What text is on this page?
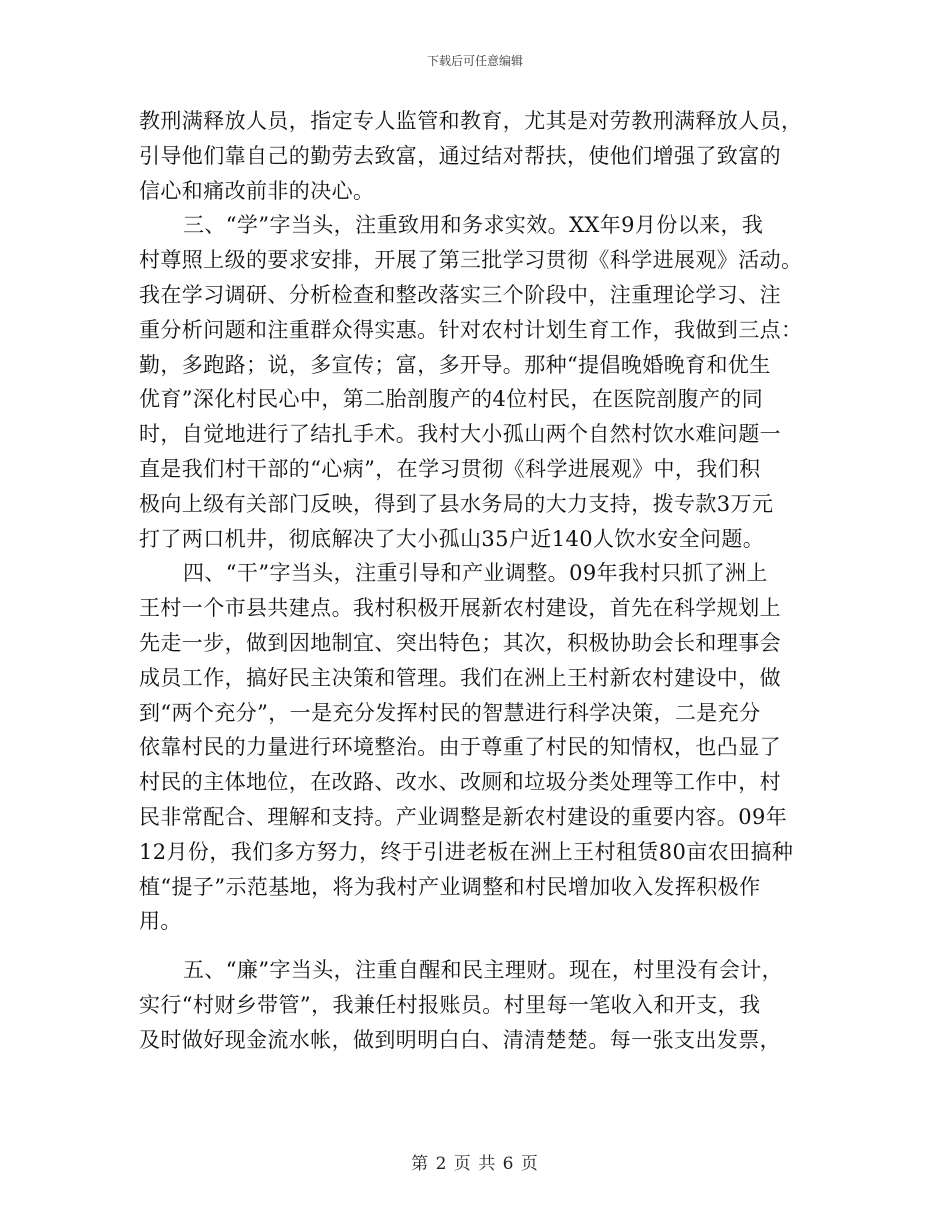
下载后可任意编辑
教刑满释放人员，指定专人监管和教育，尤其是对劳教刑满释放人员，
引导他们靠自己的勤劳去致富，通过结对帮扶，使他们增强了致富的
信心和痛改前非的决心。
三、“学”字当头，注重致用和务求实效。XX年9月份以来，我
村尊照上级的要求安排，开展了第三批学习贯彻《科学进展观》活动。
我在学习调研、分析检查和整改落实三个阶段中，注重理论学习、注
重分析问题和注重群众得实惠。针对农村计划生育工作，我做到三点：
勤，多跑路；说，多宣传；富，多开导。那种“提倡晚婚晚育和优生
优育”深化村民心中，第二胎剖腹产的4位村民，在医院剖腹产的同
时，自觉地进行了结扎手术。我村大小孤山两个自然村饮水难问题一
直是我们村干部的“心病”，在学习贯彻《科学进展观》中，我们积
极向上级有关部门反映，得到了县水务局的大力支持，拨专款3万元
打了两口机井，彻底解决了大小孤山35户近140人饮水安全问题。
四、“干”字当头，注重引导和产业调整。09年我村只抓了洲上
王村一个市县共建点。我村积极开展新农村建设，首先在科学规划上
先走一步，做到因地制宜、突出特色；其次，积极协助会长和理事会
成员工作，搞好民主决策和管理。我们在洲上王村新农村建设中，做
到“两个充分”，一是充分发挥村民的智慧进行科学决策，二是充分
依靠村民的力量进行环境整治。由于尊重了村民的知情权，也凸显了
村民的主体地位，在改路、改水、改厕和垃圾分类处理等工作中，村
民非常配合、理解和支持。产业调整是新农村建设的重要内容。09年
12月份，我们多方努力，终于引进老板在洲上王村租赁80亩农田搞种
植“提子”示范基地，将为我村产业调整和村民增加收入发挥积极作
用。
五、“廉”字当头，注重自醒和民主理财。现在，村里没有会计，
实行“村财乡带管”，我兼任村报账员。村里每一笔收入和开支，我
及时做好现金流水帐，做到明明白白、清清楚楚。每一张支出发票，
第 2 页 共 6 页
